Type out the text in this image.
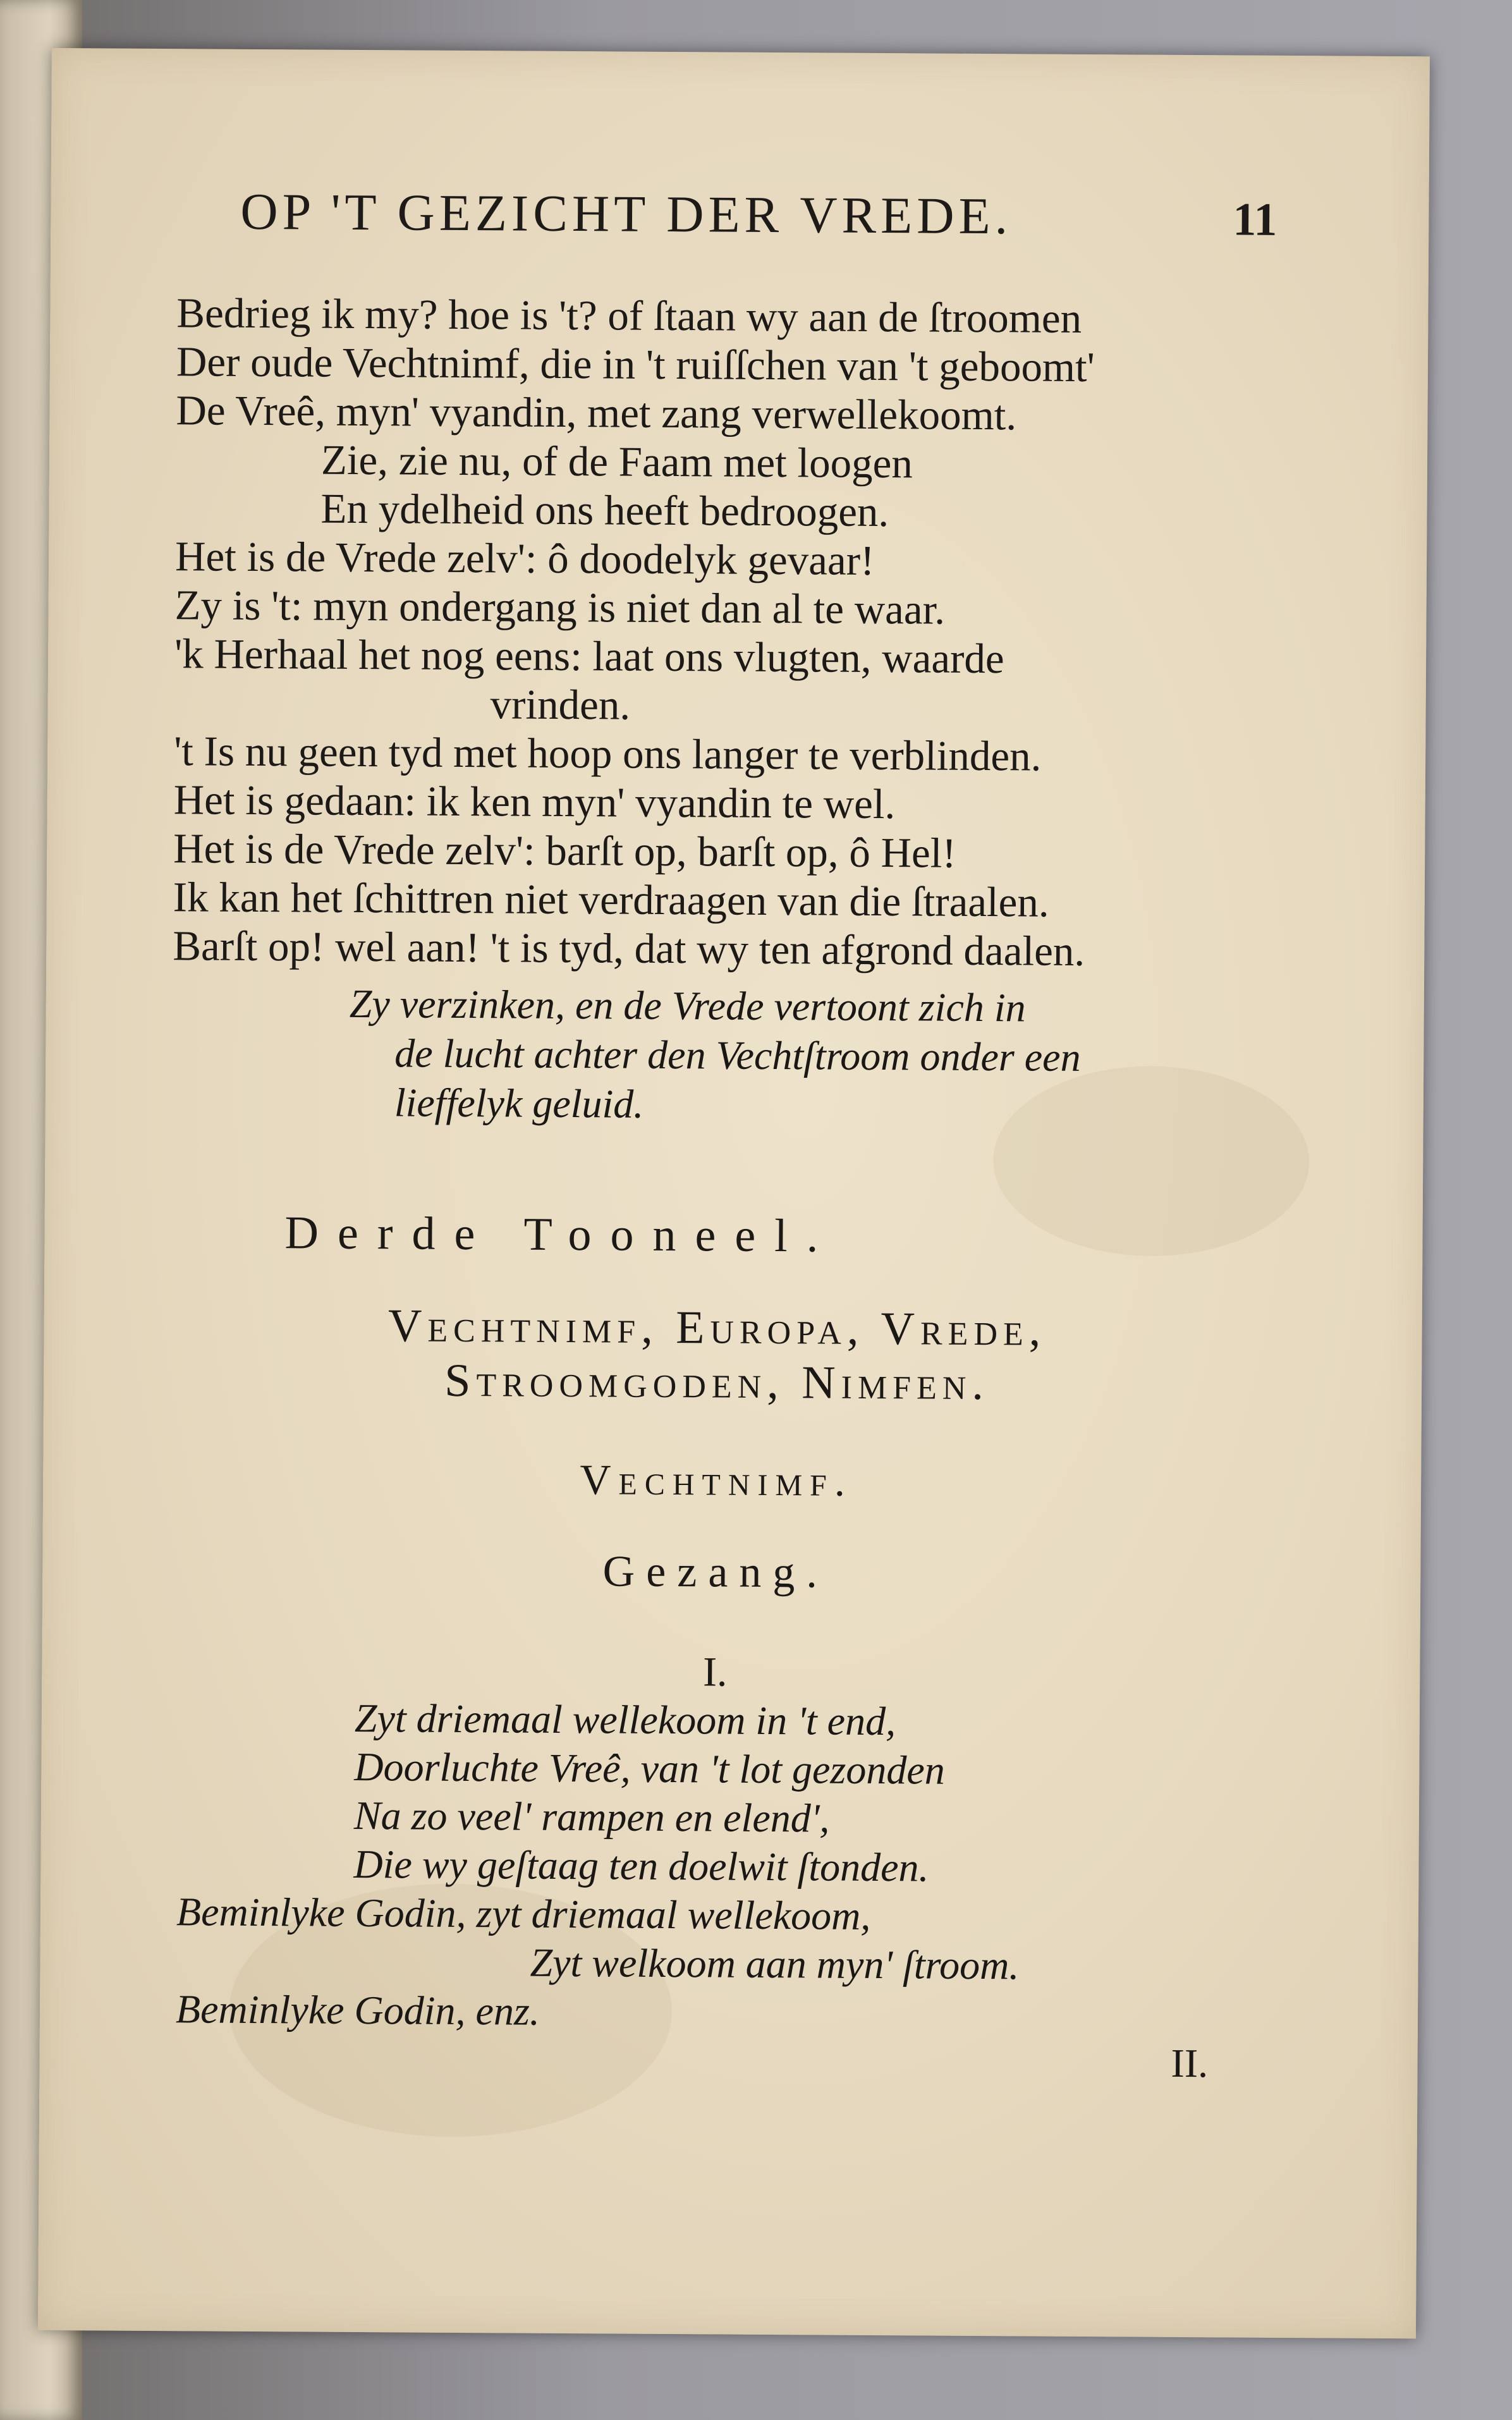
OP 'T GEZICHT DER VREDE.	11
Bedrieg ik my? hoe is 't? of ſtaan wy aan de ſtroomen
Der oude Vechtnimf, die in 't ruiſſchen van 't geboomt'
De Vreê, myn' vyandin, met zang verwellekoomt.
Zie, zie nu, of de Faam met loogen
En ydelheid ons heeft bedroogen.
Het is de Vrede zelv': ô doodelyk gevaar!
Zy is 't: myn ondergang is niet dan al te waar.
'k Herhaal het nog eens: laat ons vlugten, waarde
vrinden.
't Is nu geen tyd met hoop ons langer te verblinden.
Het is gedaan: ik ken myn' vyandin te wel.
Het is de Vrede zelv': barſt op, barſt op, ô Hel!
Ik kan het ſchittren niet verdraagen van die ſtraalen.
Barſt op! wel aan! 't is tyd, dat wy ten afgrond daalen.
Zy verzinken, en de Vrede vertoont zich in
de lucht achter den Vechtſtroom onder een
lieffelyk geluid.
Derde Tooneel.
Vechtnimf, Europa, Vrede,
Stroomgoden, Nimfen.
Vechtnimf.
Gezang.
I.
Zyt driemaal wellekoom in 't end,
Doorluchte Vreê, van 't lot gezonden
Na zo veel' rampen en elend',
Die wy geſtaag ten doelwit ſtonden.
Beminlyke Godin, zyt driemaal wellekoom,
Zyt welkoom aan myn' ſtroom.
Beminlyke Godin, enz.
II.
